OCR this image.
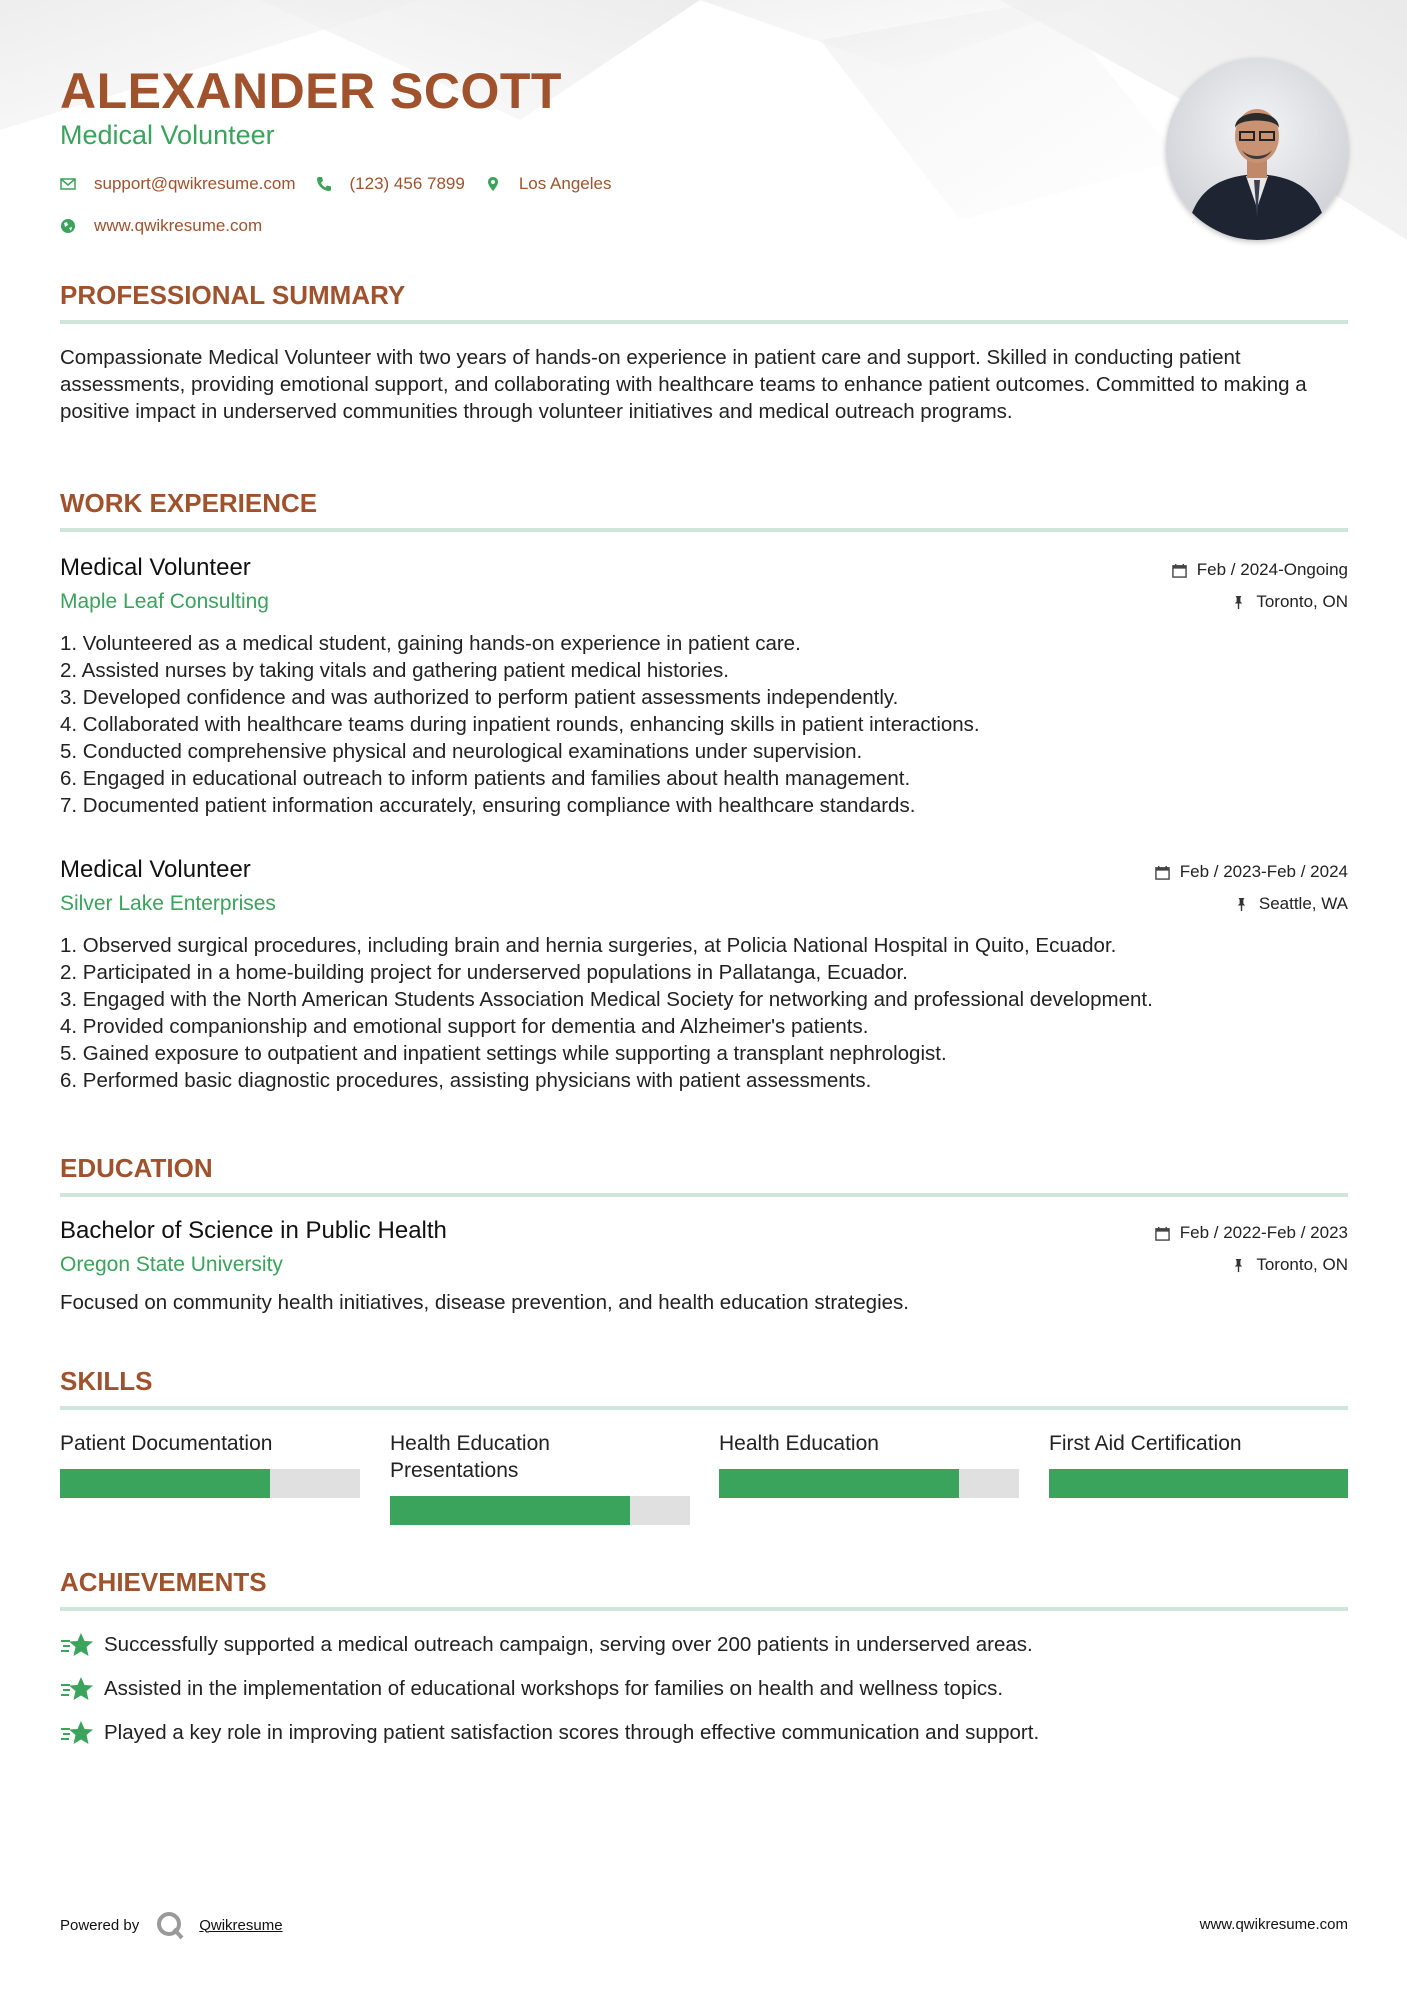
ALEXANDER SCOTT
Medical Volunteer
support@qwikresume.com	(123) 456 7899	Los Angeles
www.qwikresume.com
PROFESSIONAL SUMMARY
Compassionate Medical Volunteer with two years of hands-on experience in patient care and support. Skilled in conducting patient assessments, providing emotional support, and collaborating with healthcare teams to enhance patient outcomes. Committed to making a positive impact in underserved communities through volunteer initiatives and medical outreach programs.
WORK EXPERIENCE
Medical Volunteer
Maple Leaf Consulting
Feb / 2024-Ongoing
Toronto, ON
1. Volunteered as a medical student, gaining hands-on experience in patient care.
2. Assisted nurses by taking vitals and gathering patient medical histories.
3. Developed confidence and was authorized to perform patient assessments independently.
4. Collaborated with healthcare teams during inpatient rounds, enhancing skills in patient interactions.
5. Conducted comprehensive physical and neurological examinations under supervision.
6. Engaged in educational outreach to inform patients and families about health management.
7. Documented patient information accurately, ensuring compliance with healthcare standards.
Medical Volunteer
Silver Lake Enterprises
Feb / 2023-Feb / 2024
Seattle, WA
1. Observed surgical procedures, including brain and hernia surgeries, at Policia National Hospital in Quito, Ecuador.
2. Participated in a home-building project for underserved populations in Pallatanga, Ecuador.
3. Engaged with the North American Students Association Medical Society for networking and professional development.
4. Provided companionship and emotional support for dementia and Alzheimer's patients.
5. Gained exposure to outpatient and inpatient settings while supporting a transplant nephrologist.
6. Performed basic diagnostic procedures, assisting physicians with patient assessments.
EDUCATION
Bachelor of Science in Public Health
Oregon State University
Feb / 2022-Feb / 2023
Toronto, ON
Focused on community health initiatives, disease prevention, and health education strategies.
SKILLS
Patient Documentation	Health Education Presentations
Health Education	First Aid Certification
ACHIEVEMENTS
Successfully supported a medical outreach campaign, serving over 200 patients in underserved areas.
Assisted in the implementation of educational workshops for families on health and wellness topics.
Played a key role in improving patient satisfaction scores through effective communication and support.
Powered by	Qwikresume	www.qwikresume.com
